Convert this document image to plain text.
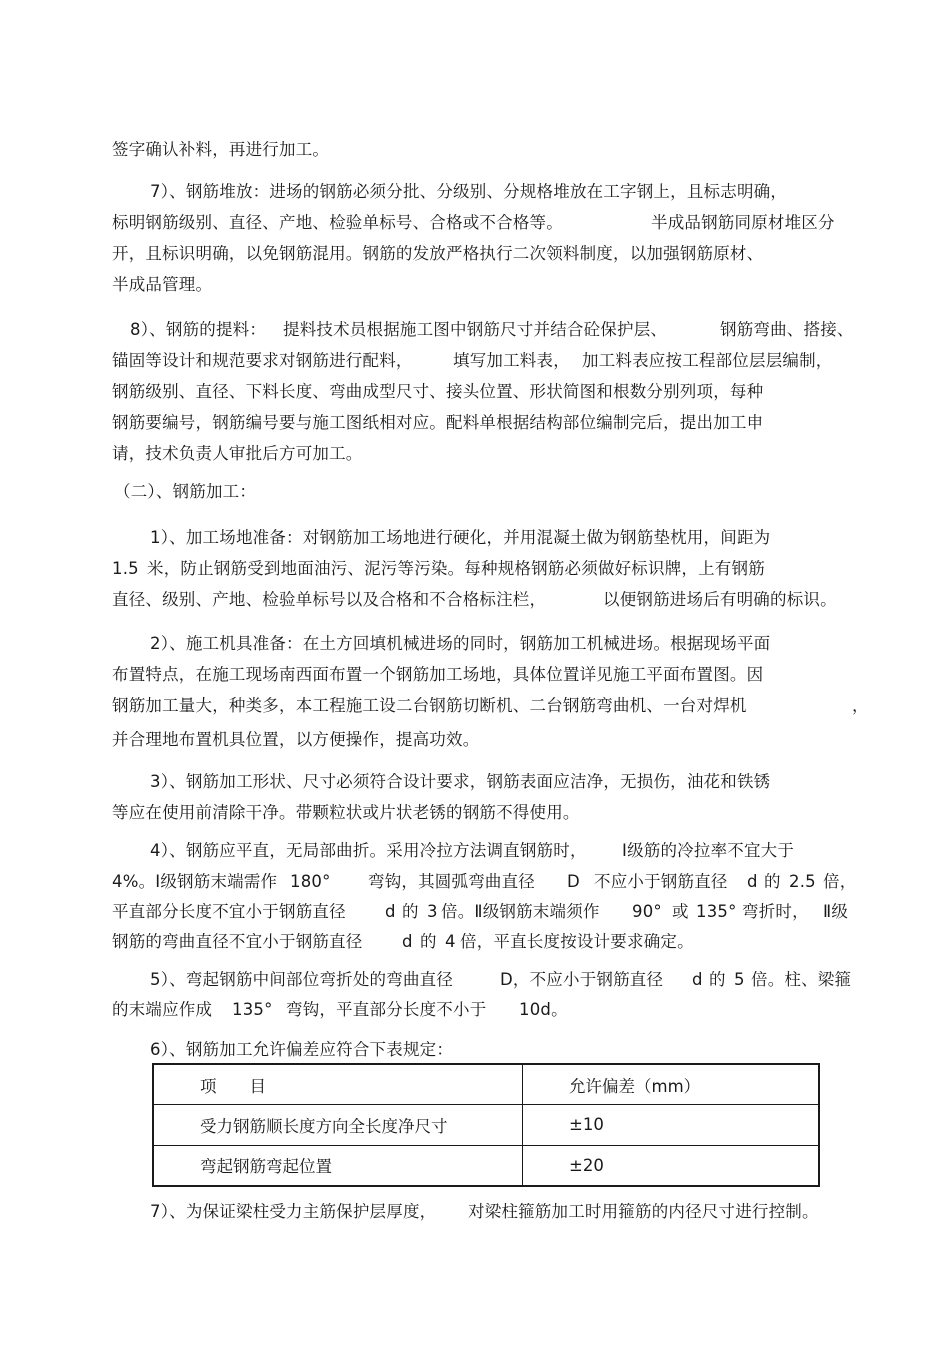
签字确认补料，再进行加工。
7）、钢筋堆放：进场的钢筋必须分批、分级别、分规格堆放在工字钢上，且标志明确，
标明钢筋级别、直径、产地、检验单标号、合格或不合格等。	半成品钢筋同原材堆区分
开，且标识明确，以免钢筋混用。钢筋的发放严格执行二次领料制度，以加强钢筋原材、
半成品管理。
8）、钢筋的提料： 提料技术员根据施工图中钢筋尺寸并结合砼保护层、	钢筋弯曲、搭接、
锚固等设计和规范要求对钢筋进行配料， 填写加工料表， 加工料表应按工程部位层层编制，
钢筋级别、直径、下料长度、弯曲成型尺寸、接头位置、形状简图和根数分别列项，每种
钢筋要编号，钢筋编号要与施工图纸相对应。配料单根据结构部位编制完后，提出加工申
请，技术负责人审批后方可加工。
（二）、钢筋加工：
1）、加工场地准备：对钢筋加工场地进行硬化，并用混凝土做为钢筋垫枕用，间距为
1.5 米，防止钢筋受到地面油污、泥污等污染。每种规格钢筋必须做好标识牌，上有钢筋
直径、级别、产地、检验单标号以及合格和不合格标注栏，	以便钢筋进场后有明确的标识。
2）、施工机具准备：在土方回填机械进场的同时，钢筋加工机械进场。根据现场平面
布置特点，在施工现场南西面布置一个钢筋加工场地，具体位置详见施工平面布置图。因
钢筋加工量大，种类多，本工程施工设二台钢筋切断机、二台钢筋弯曲机、一台对焊机	，
并合理地布置机具位置，以方便操作，提高功效。
3）、钢筋加工形状、尺寸必须符合设计要求，钢筋表面应洁净，无损伤，油花和铁锈
等应在使用前清除干净。带颗粒状或片状老锈的钢筋不得使用。
4）、钢筋应平直，无局部曲折。采用冷拉方法调直钢筋时， Ⅰ级筋的冷拉率不宜大于
4%。Ⅰ级钢筋末端需作 180° 弯钩，其圆弧弯曲直径 D 不应小于钢筋直径 d 的 2.5 倍，
平直部分长度不宜小于钢筋直径 d 的 3 倍。Ⅱ级钢筋末端须作 90° 或 135° 弯折时， Ⅱ级
钢筋的弯曲直径不宜小于钢筋直径 d 的 4 倍，平直长度按设计要求确定。
5）、弯起钢筋中间部位弯折处的弯曲直径	D，不应小于钢筋直径 d 的 5 倍。柱、梁箍
的末端应作成 135° 弯钩，平直部分长度不小于 10d。
6）、钢筋加工允许偏差应符合下表规定：
项　　目	允许偏差（mm）
受力钢筋顺长度方向全长度净尺寸	±10
弯起钢筋弯起位置	±20
7）、为保证梁柱受力主筋保护层厚度， 对梁柱箍筋加工时用箍筋的内径尺寸进行控制。
